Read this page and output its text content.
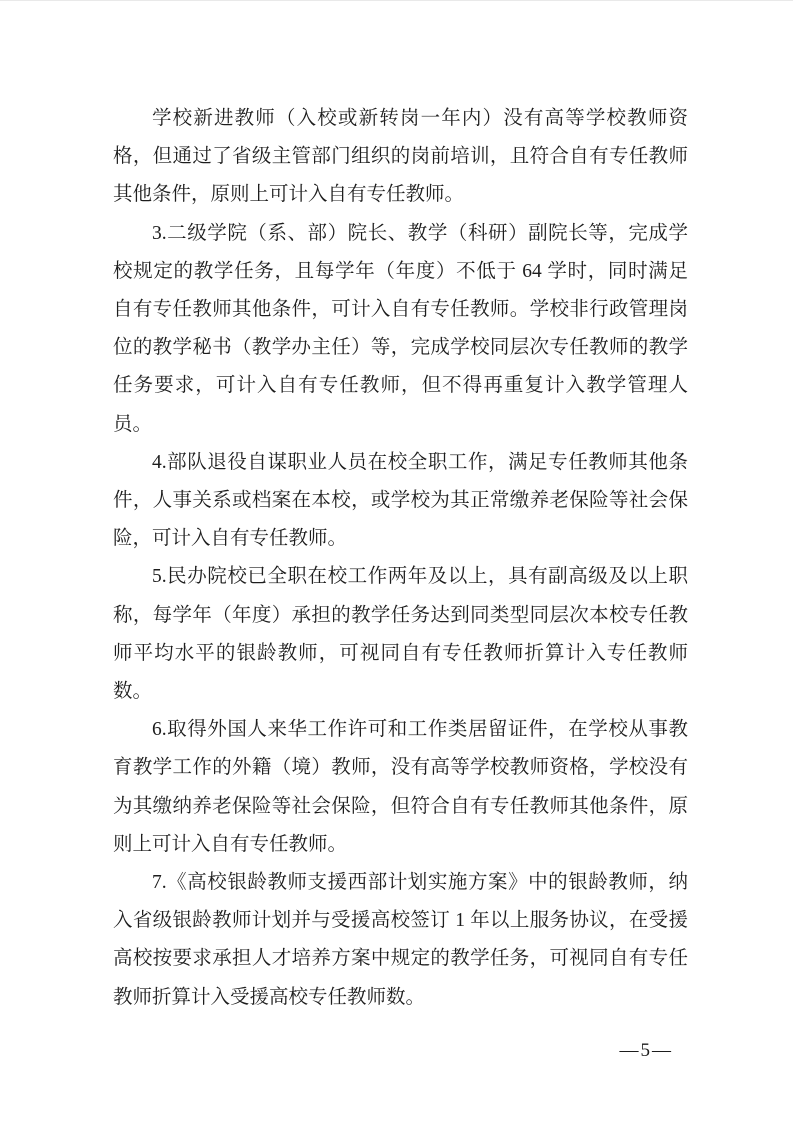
学校新进教师（入校或新转岗一年内）没有高等学校教师资格，但通过了省级主管部门组织的岗前培训，且符合自有专任教师其他条件，原则上可计入自有专任教师。

3.二级学院（系、部）院长、教学（科研）副院长等，完成学校规定的教学任务，且每学年（年度）不低于 64 学时，同时满足自有专任教师其他条件，可计入自有专任教师。学校非行政管理岗位的教学秘书（教学办主任）等，完成学校同层次专任教师的教学任务要求，可计入自有专任教师，但不得再重复计入教学管理人员。

4.部队退役自谋职业人员在校全职工作，满足专任教师其他条件，人事关系或档案在本校，或学校为其正常缴养老保险等社会保险，可计入自有专任教师。

5.民办院校已全职在校工作两年及以上，具有副高级及以上职称，每学年（年度）承担的教学任务达到同类型同层次本校专任教师平均水平的银龄教师，可视同自有专任教师折算计入专任教师数。

6.取得外国人来华工作许可和工作类居留证件，在学校从事教育教学工作的外籍（境）教师，没有高等学校教师资格，学校没有为其缴纳养老保险等社会保险，但符合自有专任教师其他条件，原则上可计入自有专任教师。

7.《高校银龄教师支援西部计划实施方案》中的银龄教师，纳入省级银龄教师计划并与受援高校签订 1 年以上服务协议，在受援高校按要求承担人才培养方案中规定的教学任务，可视同自有专任教师折算计入受援高校专任教师数。

—5—
